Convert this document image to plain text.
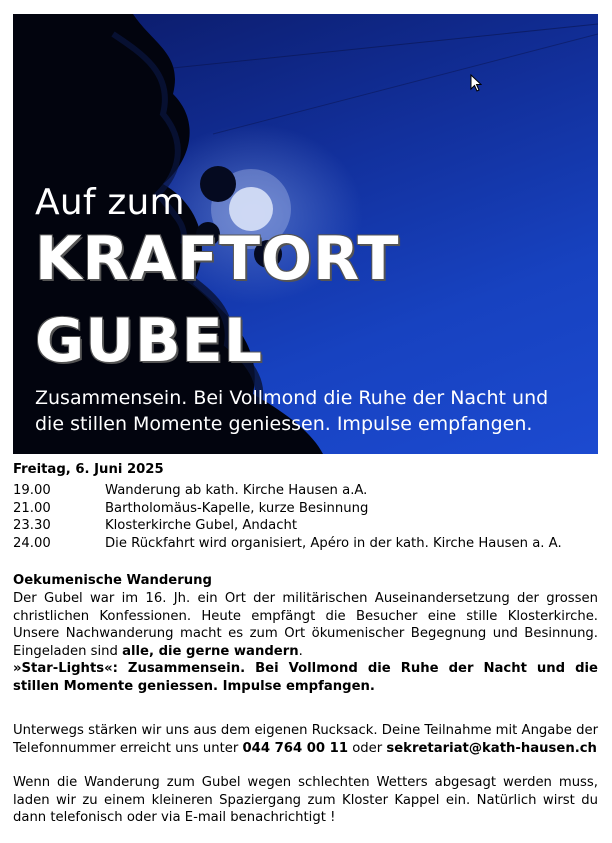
Auf zum
KRAFTORT
GUBEL
Zusammensein. Bei Vollmond die Ruhe der Nacht und
die stillen Momente geniessen. Impulse empfangen.
Freitag, 6. Juni 2025
19.00	Wanderung ab kath. Kirche Hausen a.A.
21.00	Bartholomäus-Kapelle, kurze Besinnung
23.30	Klosterkirche Gubel, Andacht
24.00	Die Rückfahrt wird organisiert, Apéro in der kath. Kirche Hausen a. A.
Oekumenische Wanderung
Der Gubel war im 16. Jh. ein Ort der militärischen Auseinandersetzung der grossen christlichen Konfessionen. Heute empfängt die Besucher eine stille Klosterkirche. Unsere Nachwanderung macht es zum Ort ökumenischer Begegnung und Besinnung. Eingeladen sind alle, die gerne wandern.
»Star-Lights«: Zusammensein. Bei Vollmond die Ruhe der Nacht und die stillen Momente geniessen. Impulse empfangen.
Unterwegs stärken wir uns aus dem eigenen Rucksack. Deine Teilnahme mit Angabe der Telefonnummer erreicht uns unter 044 764 00 11 oder sekretariat@kath-hausen.ch
Wenn die Wanderung zum Gubel wegen schlechten Wetters abgesagt werden muss, laden wir zu einem kleineren Spaziergang zum Kloster Kappel ein. Natürlich wirst du dann telefonisch oder via E-mail benachrichtigt !
